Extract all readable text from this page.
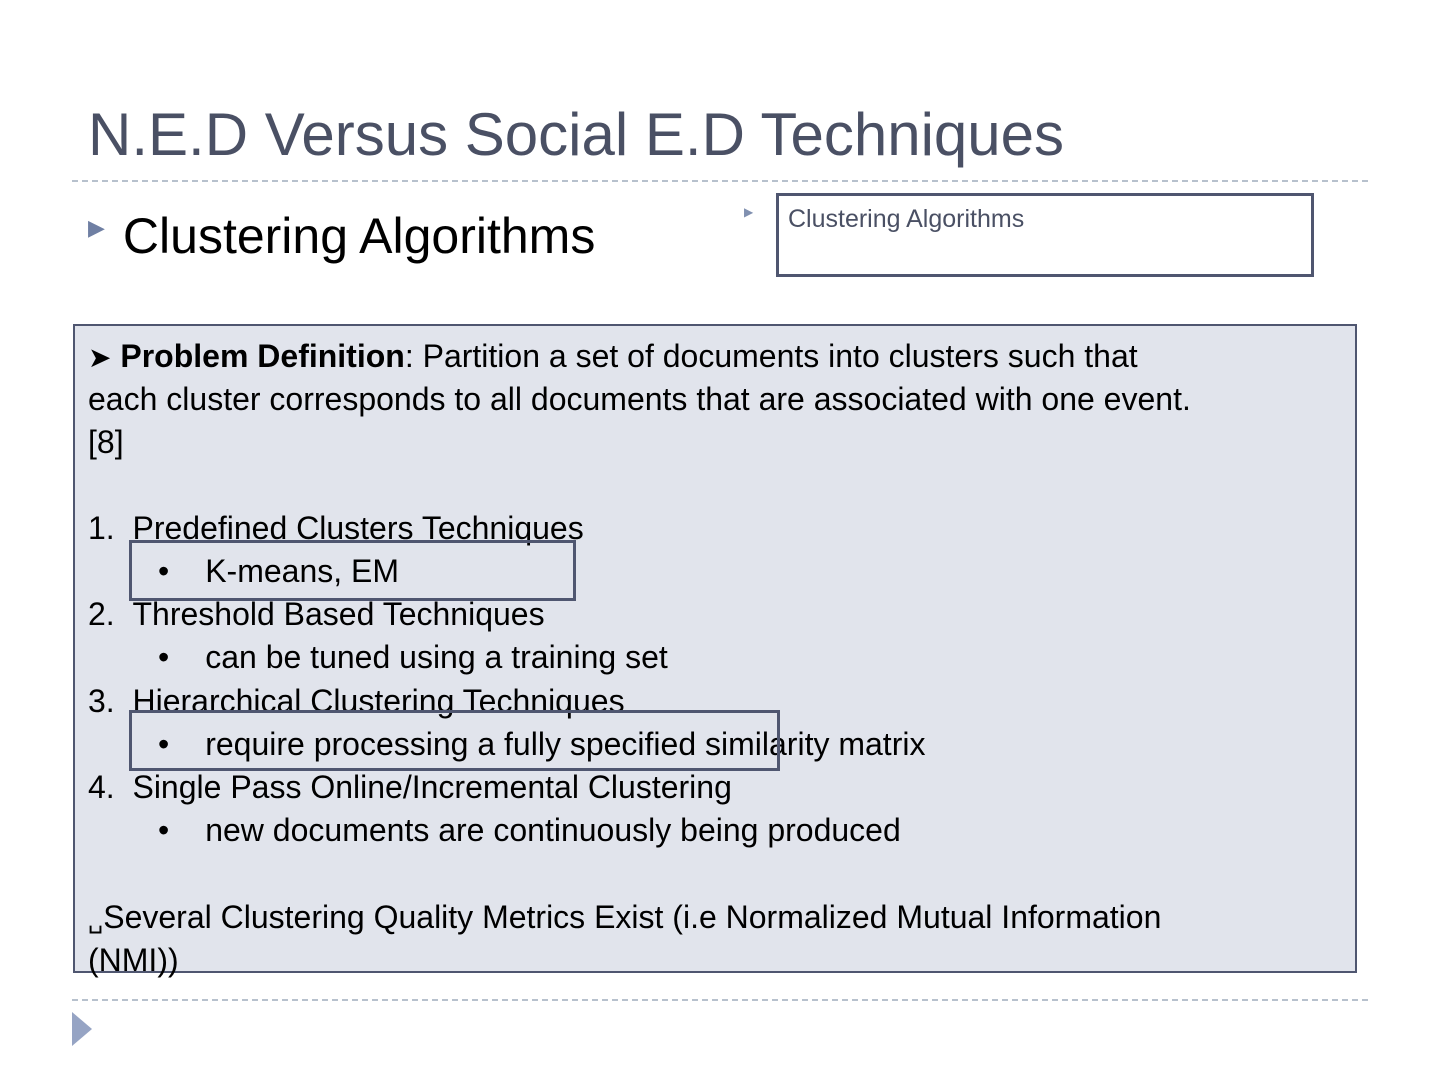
N.E.D Versus Social E.D Techniques
▶ Clustering Algorithms	▶ Clustering Algorithms
➤ Problem Definition: Partition a set of documents into clusters such that
each cluster corresponds to all documents that are associated with one event.
[8]
1. Predefined Clusters Techniques
• K-means, EM
2. Threshold Based Techniques
• can be tuned using a training set
3. Hierarchical Clustering Techniques
• require processing a fully specified similarity matrix
4. Single Pass Online/Incremental Clustering
• new documents are continuously being produced
␣Several Clustering Quality Metrics Exist (i.e Normalized Mutual Information
(NMI))
